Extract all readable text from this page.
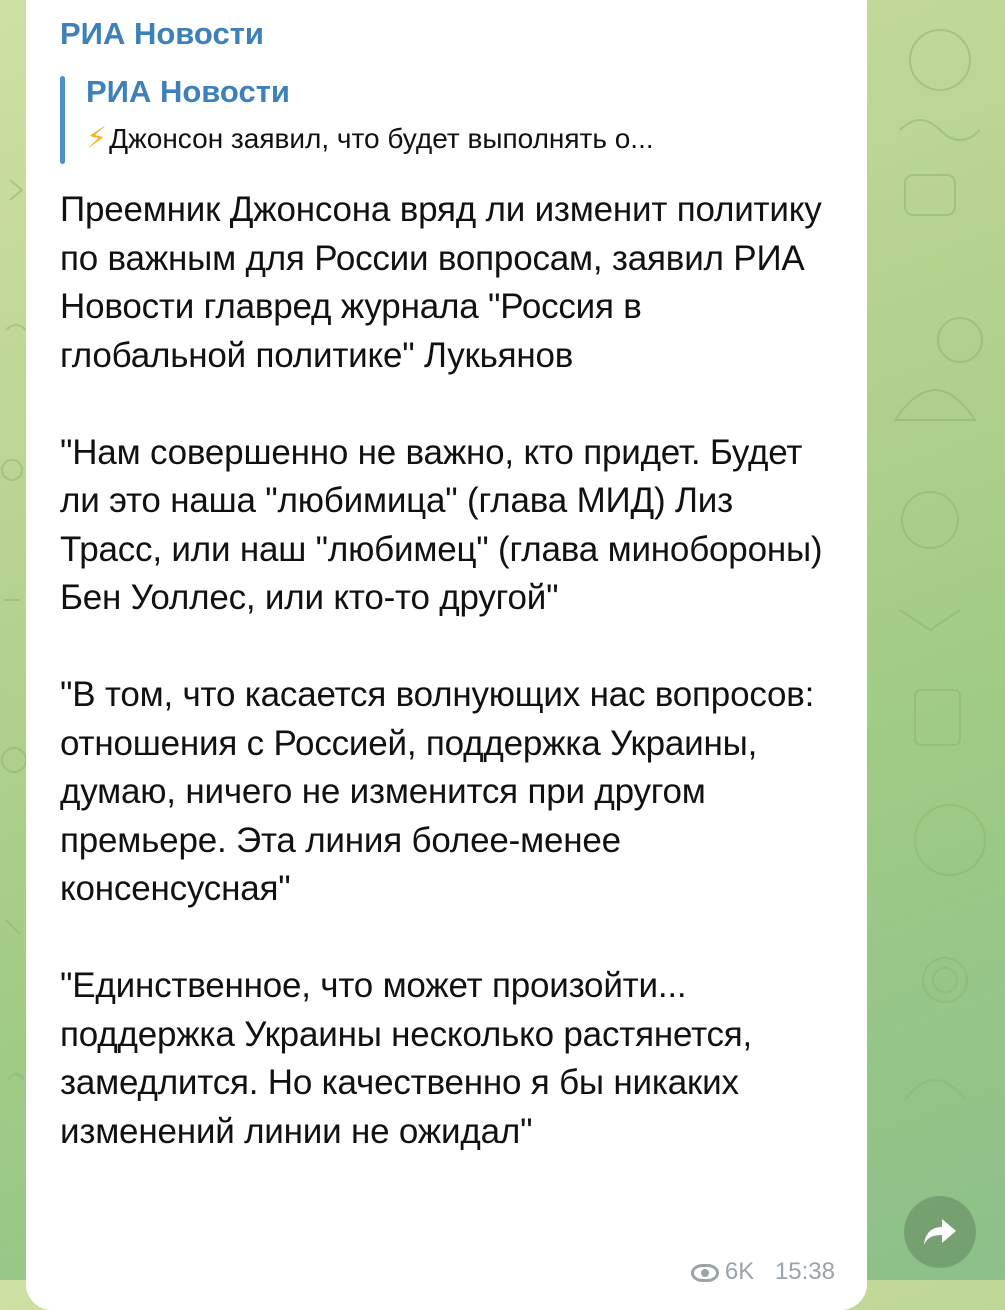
РИА Новости
РИА Новости
⚡Джонсон заявил, что будет выполнять о...

Преемник Джонсона вряд ли изменит политику по важным для России вопросам, заявил РИА Новости главред журнала "Россия в глобальной политике" Лукьянов

"Нам совершенно не важно, кто придет. Будет ли это наша "любимица" (глава МИД) Лиз Трасс, или наш "любимец" (глава минобороны) Бен Уоллес, или кто-то другой"

"В том, что касается волнующих нас вопросов: отношения с Россией, поддержка Украины, думаю, ничего не изменится при другом премьере. Эта линия более-менее консенсусная"

"Единственное, что может произойти... поддержка Украины несколько растянется, замедлится. Но качественно я бы никаких изменений линии не ожидал"

6K 15:38
